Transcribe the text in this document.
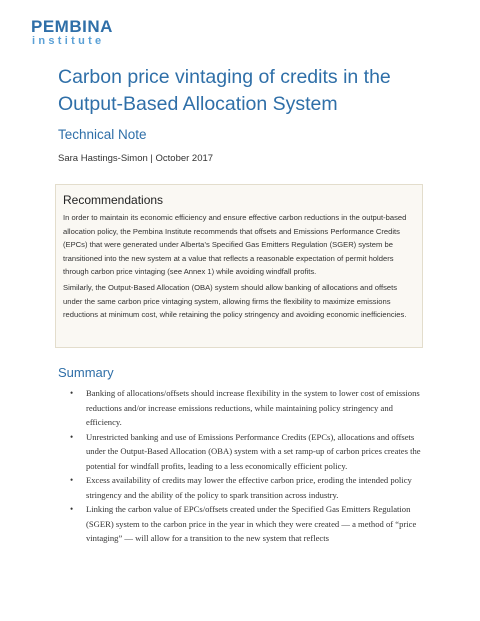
PEMBINA
institute
Carbon price vintaging of credits in the Output-Based Allocation System
Technical Note
Sara Hastings-Simon | October 2017
Recommendations

In order to maintain its economic efficiency and ensure effective carbon reductions in the output-based allocation policy, the Pembina Institute recommends that offsets and Emissions Performance Credits (EPCs) that were generated under Alberta’s Specified Gas Emitters Regulation (SGER) system be transitioned into the new system at a value that reflects a reasonable expectation of permit holders through carbon price vintaging (see Annex 1) while avoiding windfall profits.

Similarly, the Output-Based Allocation (OBA) system should allow banking of allocations and offsets under the same carbon price vintaging system, allowing firms the flexibility to maximize emissions reductions at minimum cost, while retaining the policy stringency and avoiding economic inefficiencies.

Summary
• Banking of allocations/offsets should increase flexibility in the system to lower cost of emissions reductions and/or increase emissions reductions, while maintaining policy stringency and efficiency.
• Unrestricted banking and use of Emissions Performance Credits (EPCs), allocations and offsets under the Output-Based Allocation (OBA) system with a set ramp-up of carbon prices creates the potential for windfall profits, leading to a less economically efficient policy.
• Excess availability of credits may lower the effective carbon price, eroding the intended policy stringency and the ability of the policy to spark transition across industry.
• Linking the carbon value of EPCs/offsets created under the Specified Gas Emitters Regulation (SGER) system to the carbon price in the year in which they were created — a method of “price vintaging” — will allow for a transition to the new system that reflects
